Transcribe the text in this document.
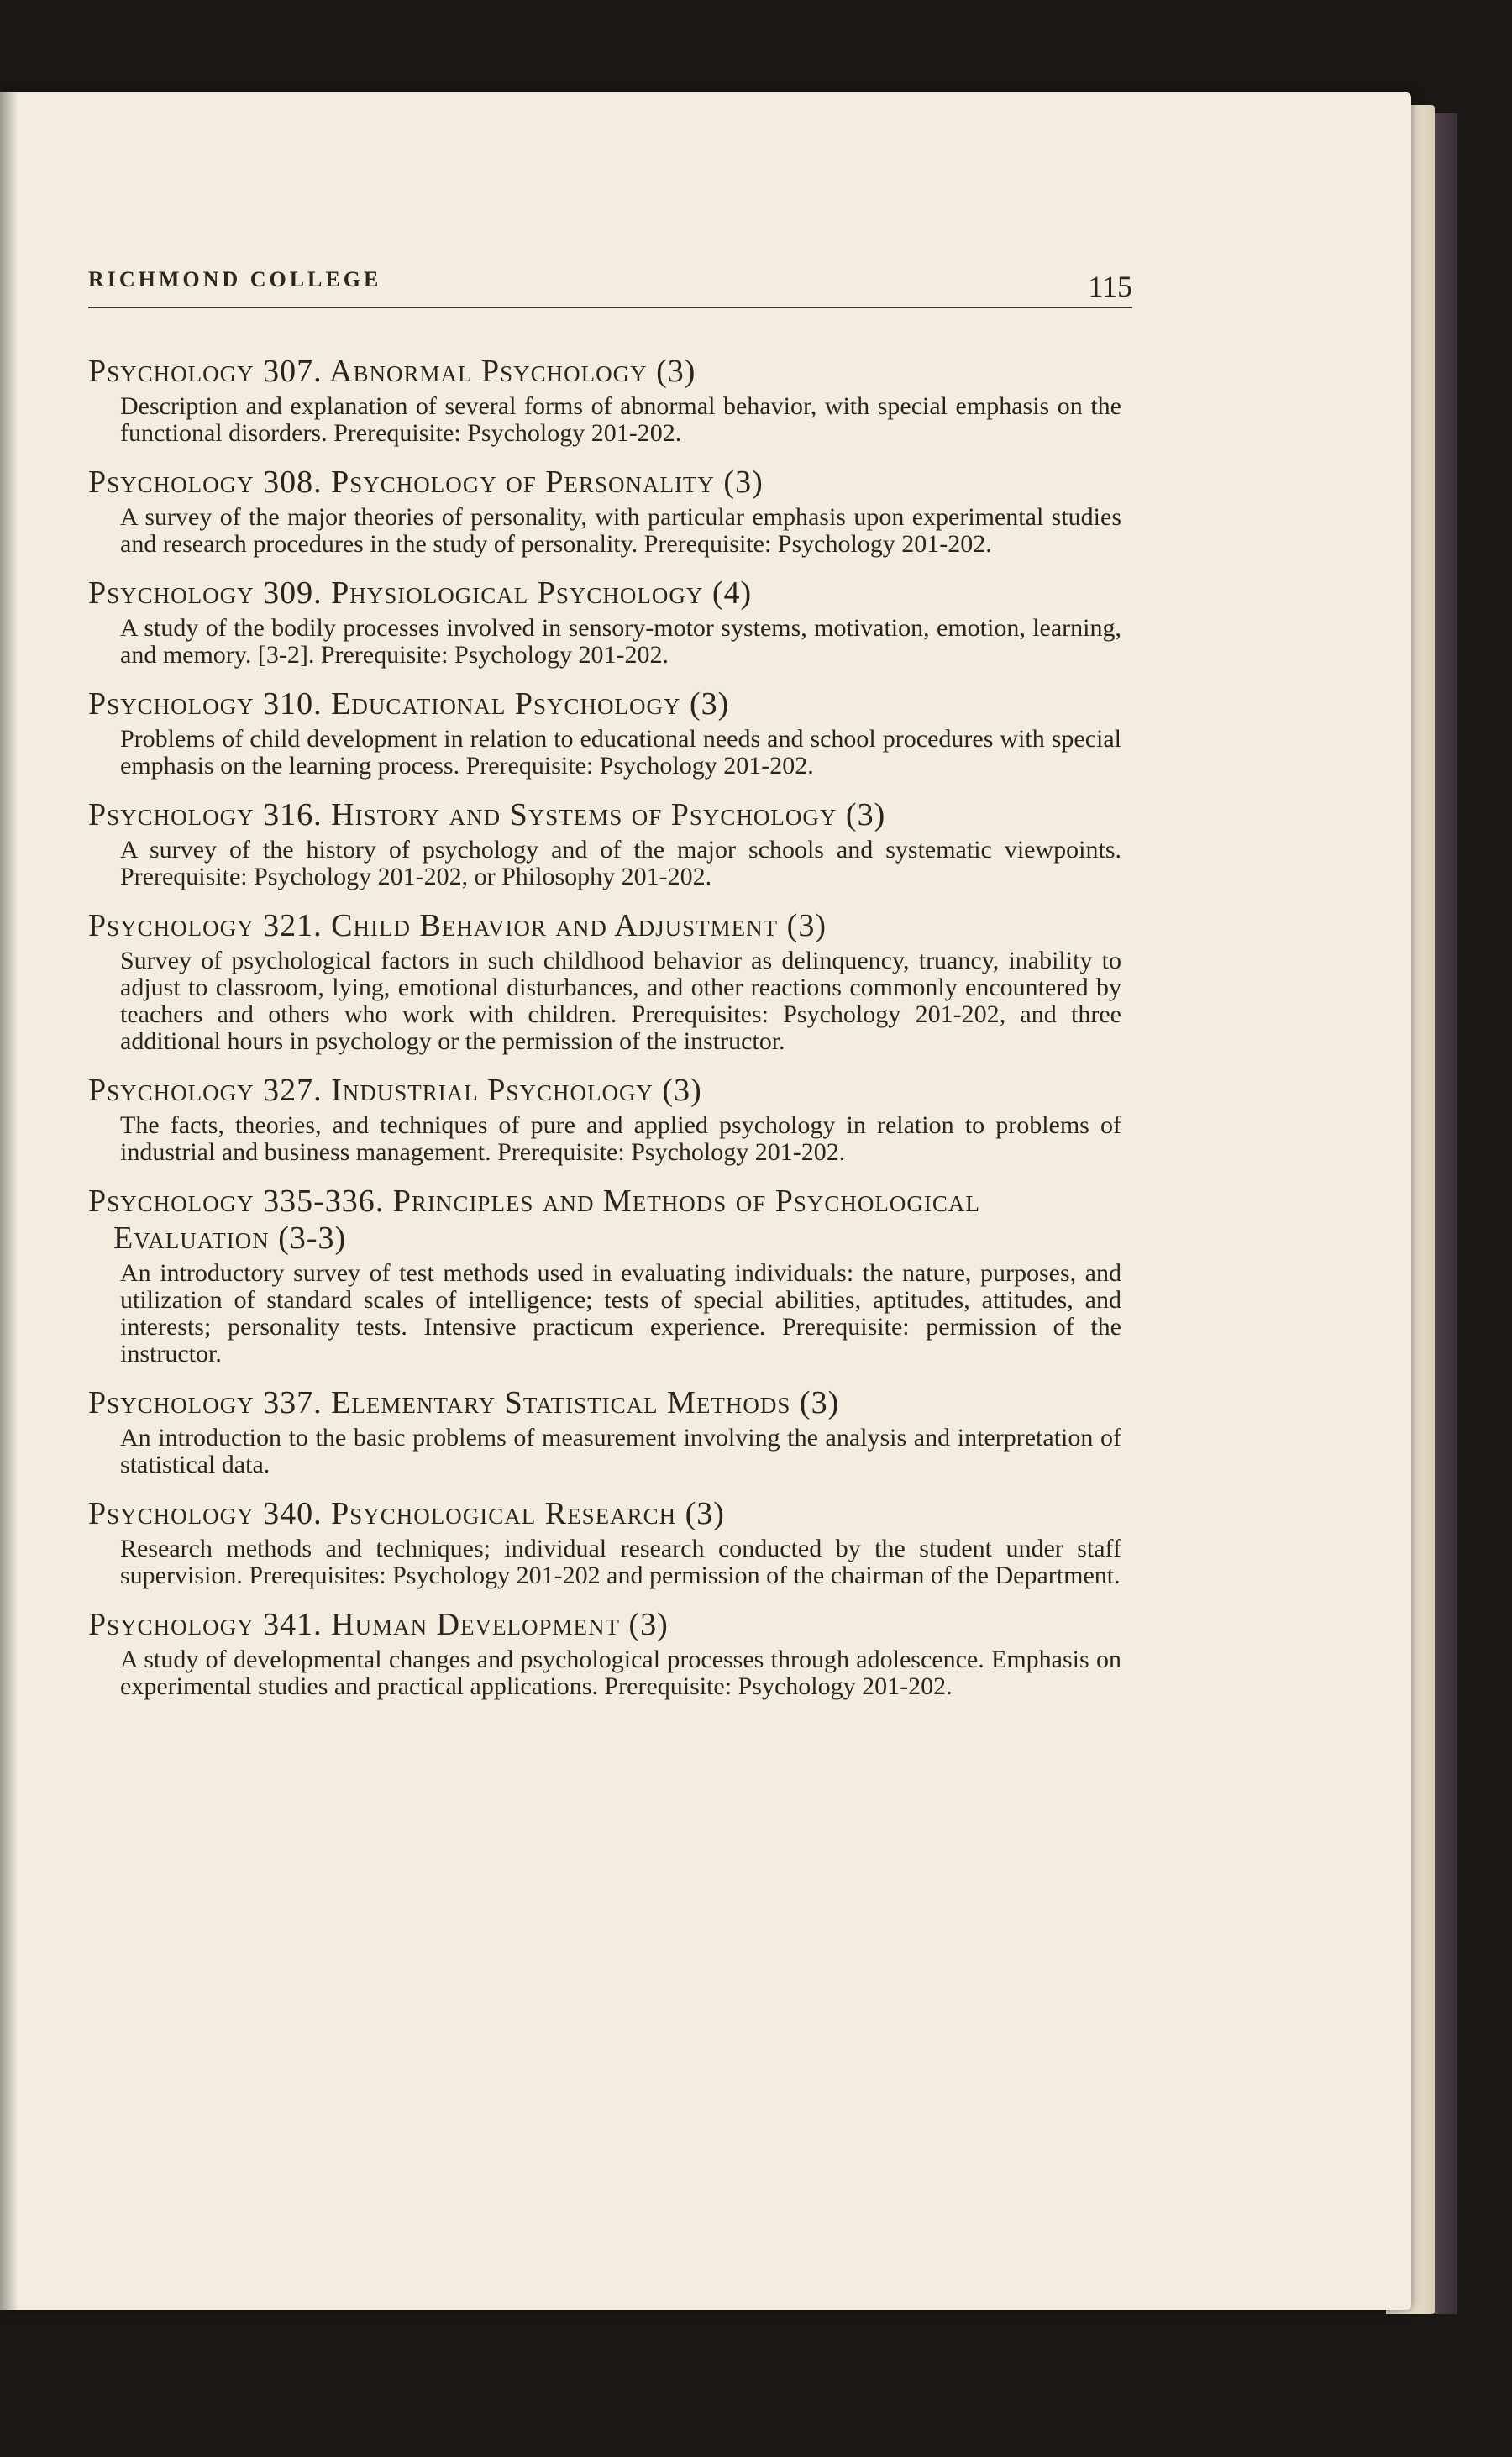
RICHMOND COLLEGE	115

Psychology 307. Abnormal Psychology (3)

Description and explanation of several forms of abnormal behavior, with special emphasis on the functional disorders. Prerequisite: Psychology 201-202.

Psychology 308. Psychology of Personality (3)

A survey of the major theories of personality, with particular emphasis upon experimental studies and research procedures in the study of personality. Prerequisite: Psychology 201-202.

Psychology 309. Physiological Psychology (4)

A study of the bodily processes involved in sensory-motor systems, motivation, emotion, learning, and memory. [3-2]. Prerequisite: Psychology 201-202.

Psychology 310. Educational Psychology (3)

Problems of child development in relation to educational needs and school procedures with special emphasis on the learning process. Prerequisite: Psychology 201-202.

Psychology 316. History and Systems of Psychology (3)

A survey of the history of psychology and of the major schools and systematic viewpoints. Prerequisite: Psychology 201-202, or Philosophy 201-202.

Psychology 321. Child Behavior and Adjustment (3)

Survey of psychological factors in such childhood behavior as delinquency, truancy, inability to adjust to classroom, lying, emotional disturbances, and other reactions commonly encountered by teachers and others who work with children. Prerequisites: Psychology 201-202, and three additional hours in psychology or the permission of the instructor.

Psychology 327. Industrial Psychology (3)

The facts, theories, and techniques of pure and applied psychology in relation to problems of industrial and business management. Prerequisite: Psychology 201-202.

Psychology 335-336. Principles and Methods of Psychological
Evaluation (3-3)

An introductory survey of test methods used in evaluating individuals: the nature, purposes, and utilization of standard scales of intelligence; tests of special abilities, aptitudes, attitudes, and interests; personality tests. Intensive practicum experience. Prerequisite: permission of the instructor.

Psychology 337. Elementary Statistical Methods (3)

An introduction to the basic problems of measurement involving the analysis and interpretation of statistical data.

Psychology 340. Psychological Research (3)

Research methods and techniques; individual research conducted by the student under staff supervision. Prerequisites: Psychology 201-202 and permission of the chairman of the Department.

Psychology 341. Human Development (3)

A study of developmental changes and psychological processes through adolescence. Emphasis on experimental studies and practical applications. Prerequisite: Psychology 201-202.
